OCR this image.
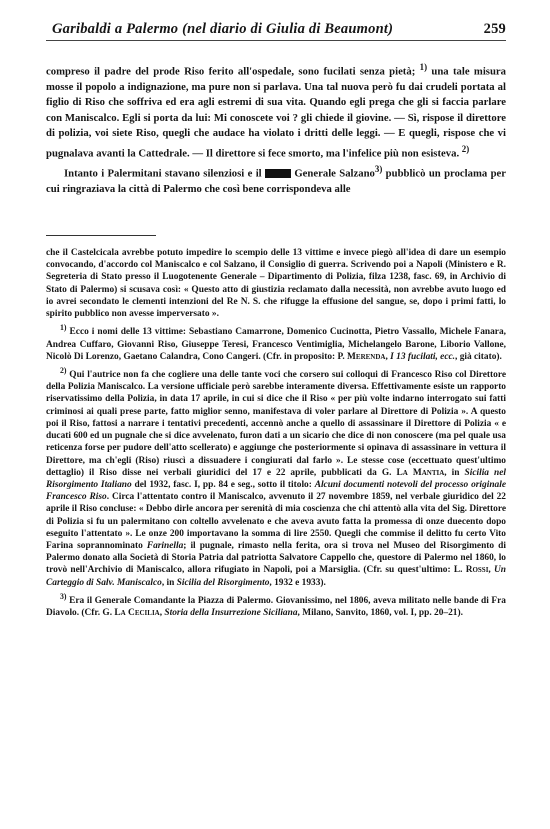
Garibaldi a Palermo (nel diario di Giulia di Beaumont)	259

compreso il padre del prode Riso ferito all'ospedale, sono fucilati senza pietà; $^{1)}$ una tale misura mosse il popolo a indignazione, ma pure non si parlava. Una tal nuova però fu dai crudeli portata al figlio di Riso che soffriva ed era agli estremi di sua vita. Quando egli prega che gli si faccia parlare con Maniscalco. Egli si porta da lui: Mi conoscete voi ? gli chiede il giovine. — Sì, rispose il direttore di polizia, voi siete Riso, quegli che audace ha violato i dritti delle leggi. — E quegli, rispose che vi pugnalava avanti la Cattedrale. — Il direttore si fece smorto, ma l'infelice più non esisteva. $^{2)}$

Intanto i Palermitani stavano silenziosi e il  Generale Salzano$^{3)}$ pubblicò un proclama per cui ringraziava la città di Palermo che così bene corrispondeva alle

che il Castelcicala avrebbe potuto impedire lo scempio delle 13 vittime e invece piegò all'idea di dare un esempio convocando, d'accordo col Maniscalco e col Salzano, il Consiglio di guerra. Scrivendo poi a Napoli (Ministero e R. Segreteria di Stato presso il Luogotenente Generale – Dipartimento di Polizia, filza 1238, fasc. 69, in Archivio di Stato di Palermo) si scusava così: « Questo atto di giustizia reclamato dalla necessità, non avrebbe avuto luogo ed io avrei secondato le clementi intenzioni del Re N. S. che rifugge la effusione del sangue, se, dopo i primi fatti, lo spirito pubblico non avesse imperversato ».

$^{1)}$ Ecco i nomi delle 13 vittime: Sebastiano Camarrone, Domenico Cucinotta, Pietro Vassallo, Michele Fanara, Andrea Cuffaro, Giovanni Riso, Giuseppe Teresi, Francesco Ventimiglia, Michelangelo Barone, Liborio Vallone, Nicolò Di Lorenzo, Gaetano Calandra, Cono Cangeri. (Cfr. in proposito: P. Merenda, I 13 fucilati, ecc., già citato).

$^{2)}$ Qui l'autrice non fa che cogliere una delle tante voci che corsero sui colloqui di Francesco Riso col Direttore della Polizia Maniscalco. La versione ufficiale però sarebbe interamente diversa. Effettivamente esiste un rapporto riservatissimo della Polizia, in data 17 aprile, in cui si dice che il Riso « per più volte indarno interrogato sui fatti criminosi ai quali prese parte, fatto miglior senno, manifestava di voler parlare al Direttore di Polizia ». A questo poi il Riso, fattosi a narrare i tentativi precedenti, accennò anche a quello di assassinare il Direttore di Polizia « e ducati 600 ed un pugnale che si dice avvelenato, furon dati a un sicario che dice di non conoscere (ma pel quale usa reticenza forse per pudore dell'atto scellerato) e aggiunge che posteriormente si opinava di assassinare in vettura il Direttore, ma ch'egli (Riso) riuscì a dissuadere i congiurati dal farlo ». Le stesse cose (eccettuato quest'ultimo dettaglio) il Riso disse nei verbali giuridici del 17 e 22 aprile, pubblicati da G. La Mantia, in Sicilia nel Risorgimento Italiano del 1932, fasc. I, pp. 84 e seg., sotto il titolo: Alcuni documenti notevoli del processo originale Francesco Riso. Circa l'attentato contro il Maniscalco, avvenuto il 27 novembre 1859, nel verbale giuridico del 22 aprile il Riso concluse: « Debbo dirle ancora per serenità di mia coscienza che chi attentò alla vita del Sig. Direttore di Polizia si fu un palermitano con coltello avvelenato e che aveva avuto fatta la promessa di onze duecento dopo eseguito l'attentato ». Le onze 200 importavano la somma di lire 2550. Quegli che commise il delitto fu certo Vito Farina soprannominato Farinella; il pugnale, rimasto nella ferita, ora si trova nel Museo del Risorgimento di Palermo donato alla Società di Storia Patria dal patriotta Salvatore Cappello che, questore di Palermo nel 1860, lo trovò nell'Archivio di Maniscalco, allora rifugiato in Napoli, poi a Marsiglia. (Cfr. su quest'ultimo: L. Rossi, Un Carteggio di Salv. Maniscalco, in Sicilia del Risorgimento, 1932 e 1933).

$^{3)}$ Era il Generale Comandante la Piazza di Palermo. Giovanissimo, nel 1806, aveva militato nelle bande di Fra Diavolo. (Cfr. G. La Cecilia, Storia della Insurrezione Siciliana, Milano, Sanvito, 1860, vol. I, pp. 20–21).
